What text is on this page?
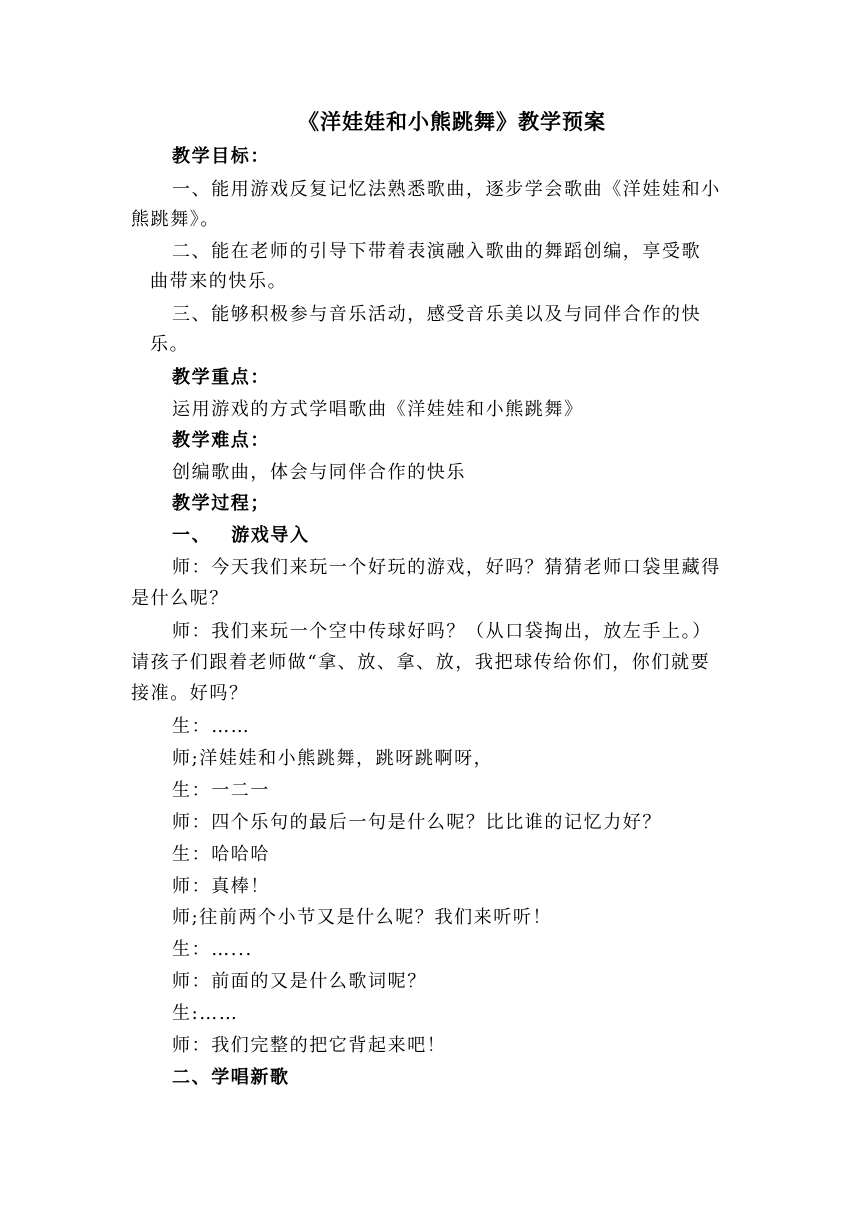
《洋娃娃和小熊跳舞》教学预案
教学目标：
一、能用游戏反复记忆法熟悉歌曲，逐步学会歌曲《洋娃娃和小
熊跳舞》。
二、能在老师的引导下带着表演融入歌曲的舞蹈创编，享受歌
曲带来的快乐。
三、能够积极参与音乐活动，感受音乐美以及与同伴合作的快
乐。
教学重点：
运用游戏的方式学唱歌曲《洋娃娃和小熊跳舞》
教学难点：
创编歌曲，体会与同伴合作的快乐
教学过程；
一、 游戏导入
师：今天我们来玩一个好玩的游戏，好吗？猜猜老师口袋里藏得
是什么呢？
师：我们来玩一个空中传球好吗？（从口袋掏出，放左手上。）
请孩子们跟着老师做“拿、放、拿、放，我把球传给你们，你们就要
接准。好吗？
生：……
师;洋娃娃和小熊跳舞，跳呀跳啊呀，
生：一二一
师：四个乐句的最后一句是什么呢？比比谁的记忆力好？
生：哈哈哈
师：真棒！
师;往前两个小节又是什么呢？我们来听听！
生：…...
师：前面的又是什么歌词呢？
生:……
师：我们完整的把它背起来吧！
二、学唱新歌
